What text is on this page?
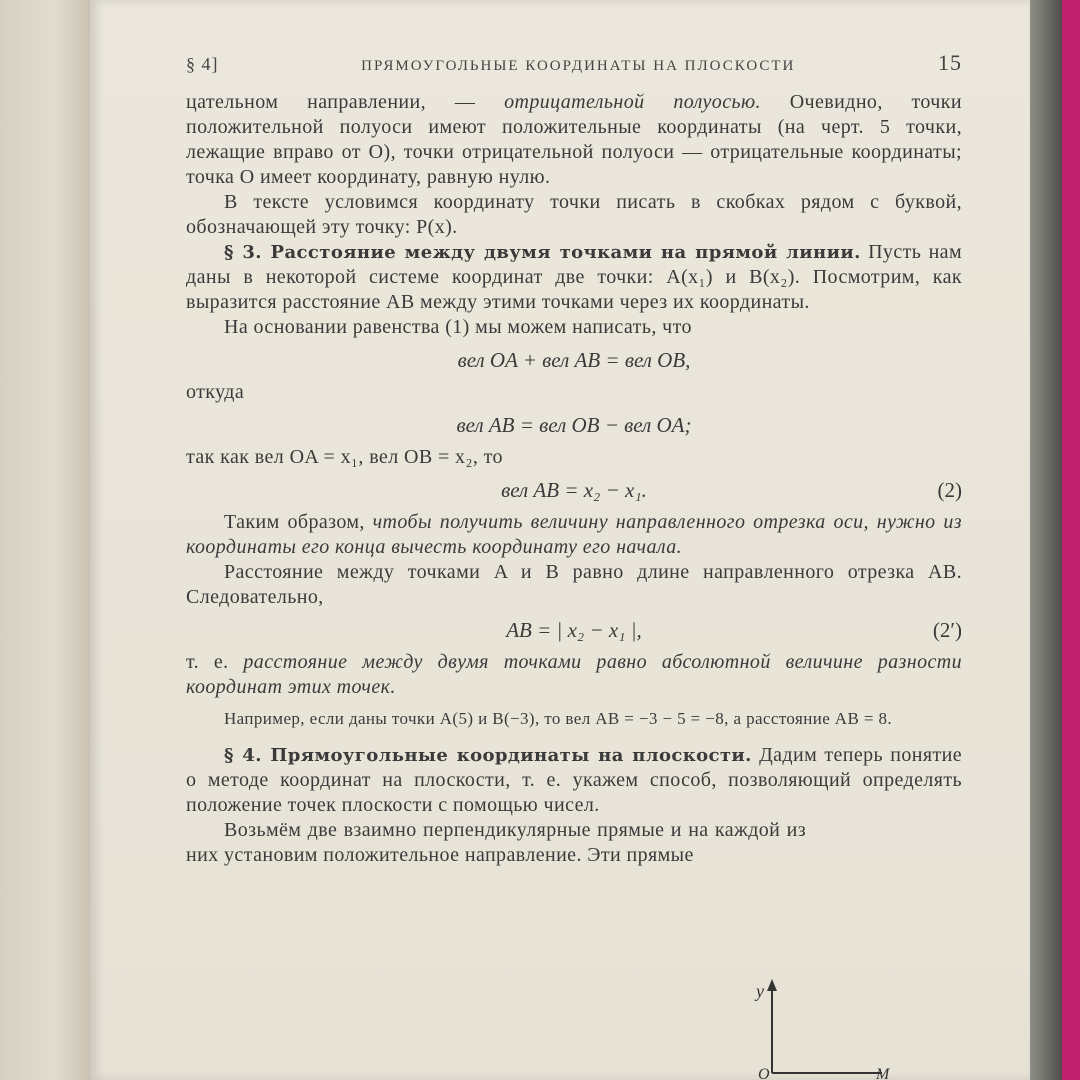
§ 4]	ПРЯМОУГОЛЬНЫЕ КООРДИНАТЫ НА ПЛОСКОСТИ	15

цательном направлении, — отрицательной полуосью. Очевидно, точки положительной полуоси имеют положительные координаты (на черт. 5 точки, лежащие вправо от O), точки отрицательной полуоси — отрицательные координаты; точка O имеет координату, равную нулю.

В тексте условимся координату точки писать в скобках рядом с буквой, обозначающей эту точку: P(x).

§ 3. Расстояние между двумя точками на прямой линии. Пусть нам даны в некоторой системе координат две точки: A(x₁) и B(x₂). Посмотрим, как выразится расстояние AB между этими точками через их координаты.

На основании равенства (1) мы можем написать, что

вел OA + вел AB = вел OB,

откуда

вел AB = вел OB − вел OA;

так как вел OA = x₁, вел OB = x₂, то

вел AB = x₂ − x₁.	(2)

Таким образом, чтобы получить величину направленного отрезка оси, нужно из координаты его конца вычесть координату его начала.

Расстояние между точками A и B равно длине направленного отрезка AB. Следовательно,

AB = | x₂ − x₁ |,	(2′)

т. е. расстояние между двумя точками равно абсолютной величине разности координат этих точек.

Например, если даны точки A(5) и B(−3), то вел AB = −3 − 5 = −8, а расстояние AB = 8.

§ 4. Прямоугольные координаты на плоскости. Дадим теперь понятие о методе координат на плоскости, т. е. укажем способ, позволяющий определять положение точек плоскости с помощью чисел.

Возьмём две взаимно перпендикулярные прямые и на каждой из них установим положительное направление. Эти прямые

y
O	M
